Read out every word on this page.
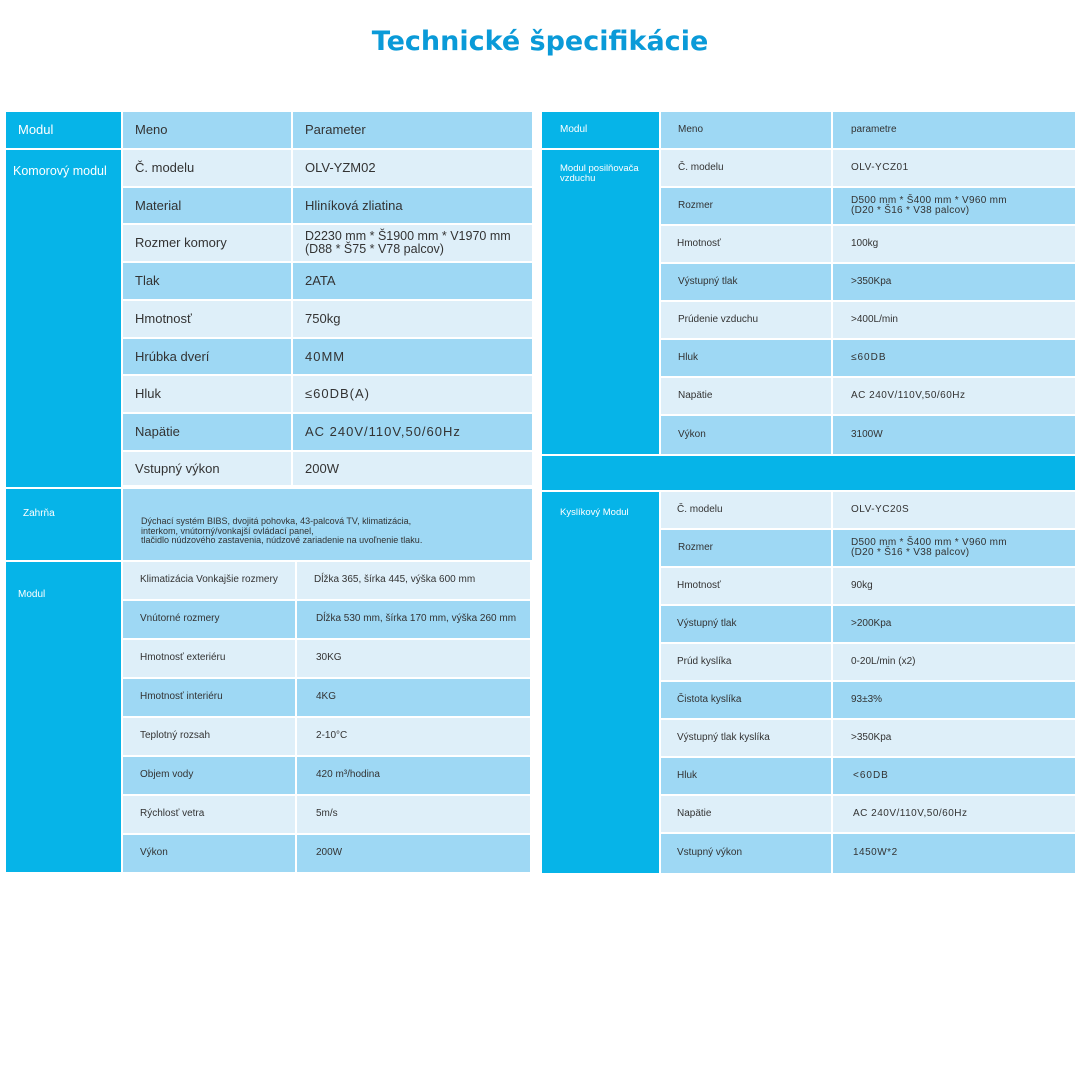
Technické špecifikácie
Modul	Meno	Parameter
Komorový modul	Č. modelu	OLV-YZM02
Material	Hliníková zliatina
Rozmer komory	D2230 mm * Š1900 mm * V1970 mm
(D88 * Š75 * V78 palcov)
Tlak	2ATA
Hmotnosť	750kg
Hrúbka dverí	40MM
Hluk	≤60DB(A)
Napätie	AC 240V/110V,50/60Hz
Vstupný výkon	200W
Zahrňa

Dýchací systém BIBS, dvojitá pohovka, 43-palcová TV, klimatizácia,
interkom, vnútorný/vonkajší ovládací panel,
tlačidlo núdzového zastavenia, núdzové zariadenie na uvoľnenie tlaku.

Modul
Klimatizácia Vonkajšie rozmery	Dĺžka 365, šírka 445, výška 600 mm
Vnútorné rozmery	Dĺžka 530 mm, šírka 170 mm, výška 260 mm
Hmotnosť exteriéru	30KG
Hmotnosť interiéru	4KG
Teplotný rozsah	2-10°C
Objem vody	420 m³/hodina
Rýchlosť vetra	5m/s
Výkon	200W
Modul	Meno	parametre
Modul posilňovača vzduchu
Č. modelu	OLV-YCZ01
Rozmer	D500 mm * Š400 mm * V960 mm
(D20 * Š16 * V38 palcov)
Hmotnosť	100kg
Výstupný tlak	>350Kpa
Prúdenie vzduchu	>400L/min
Hluk	≤60DB
Napätie	AC 240V/110V,50/60Hz
Výkon	3100W
Kyslíkový Modul	Č. modelu	OLV-YC20S
Rozmer	D500 mm * Š400 mm * V960 mm
(D20 * Š16 * V38 palcov)
Hmotnosť	90kg
Výstupný tlak	>200Kpa
Prúd kyslíka	0-20L/min (x2)
Čistota kyslíka	93±3%
Výstupný tlak kyslíka	>350Kpa
Hluk	<60DB
Napätie	AC 240V/110V,50/60Hz
Vstupný výkon	1450W*2
